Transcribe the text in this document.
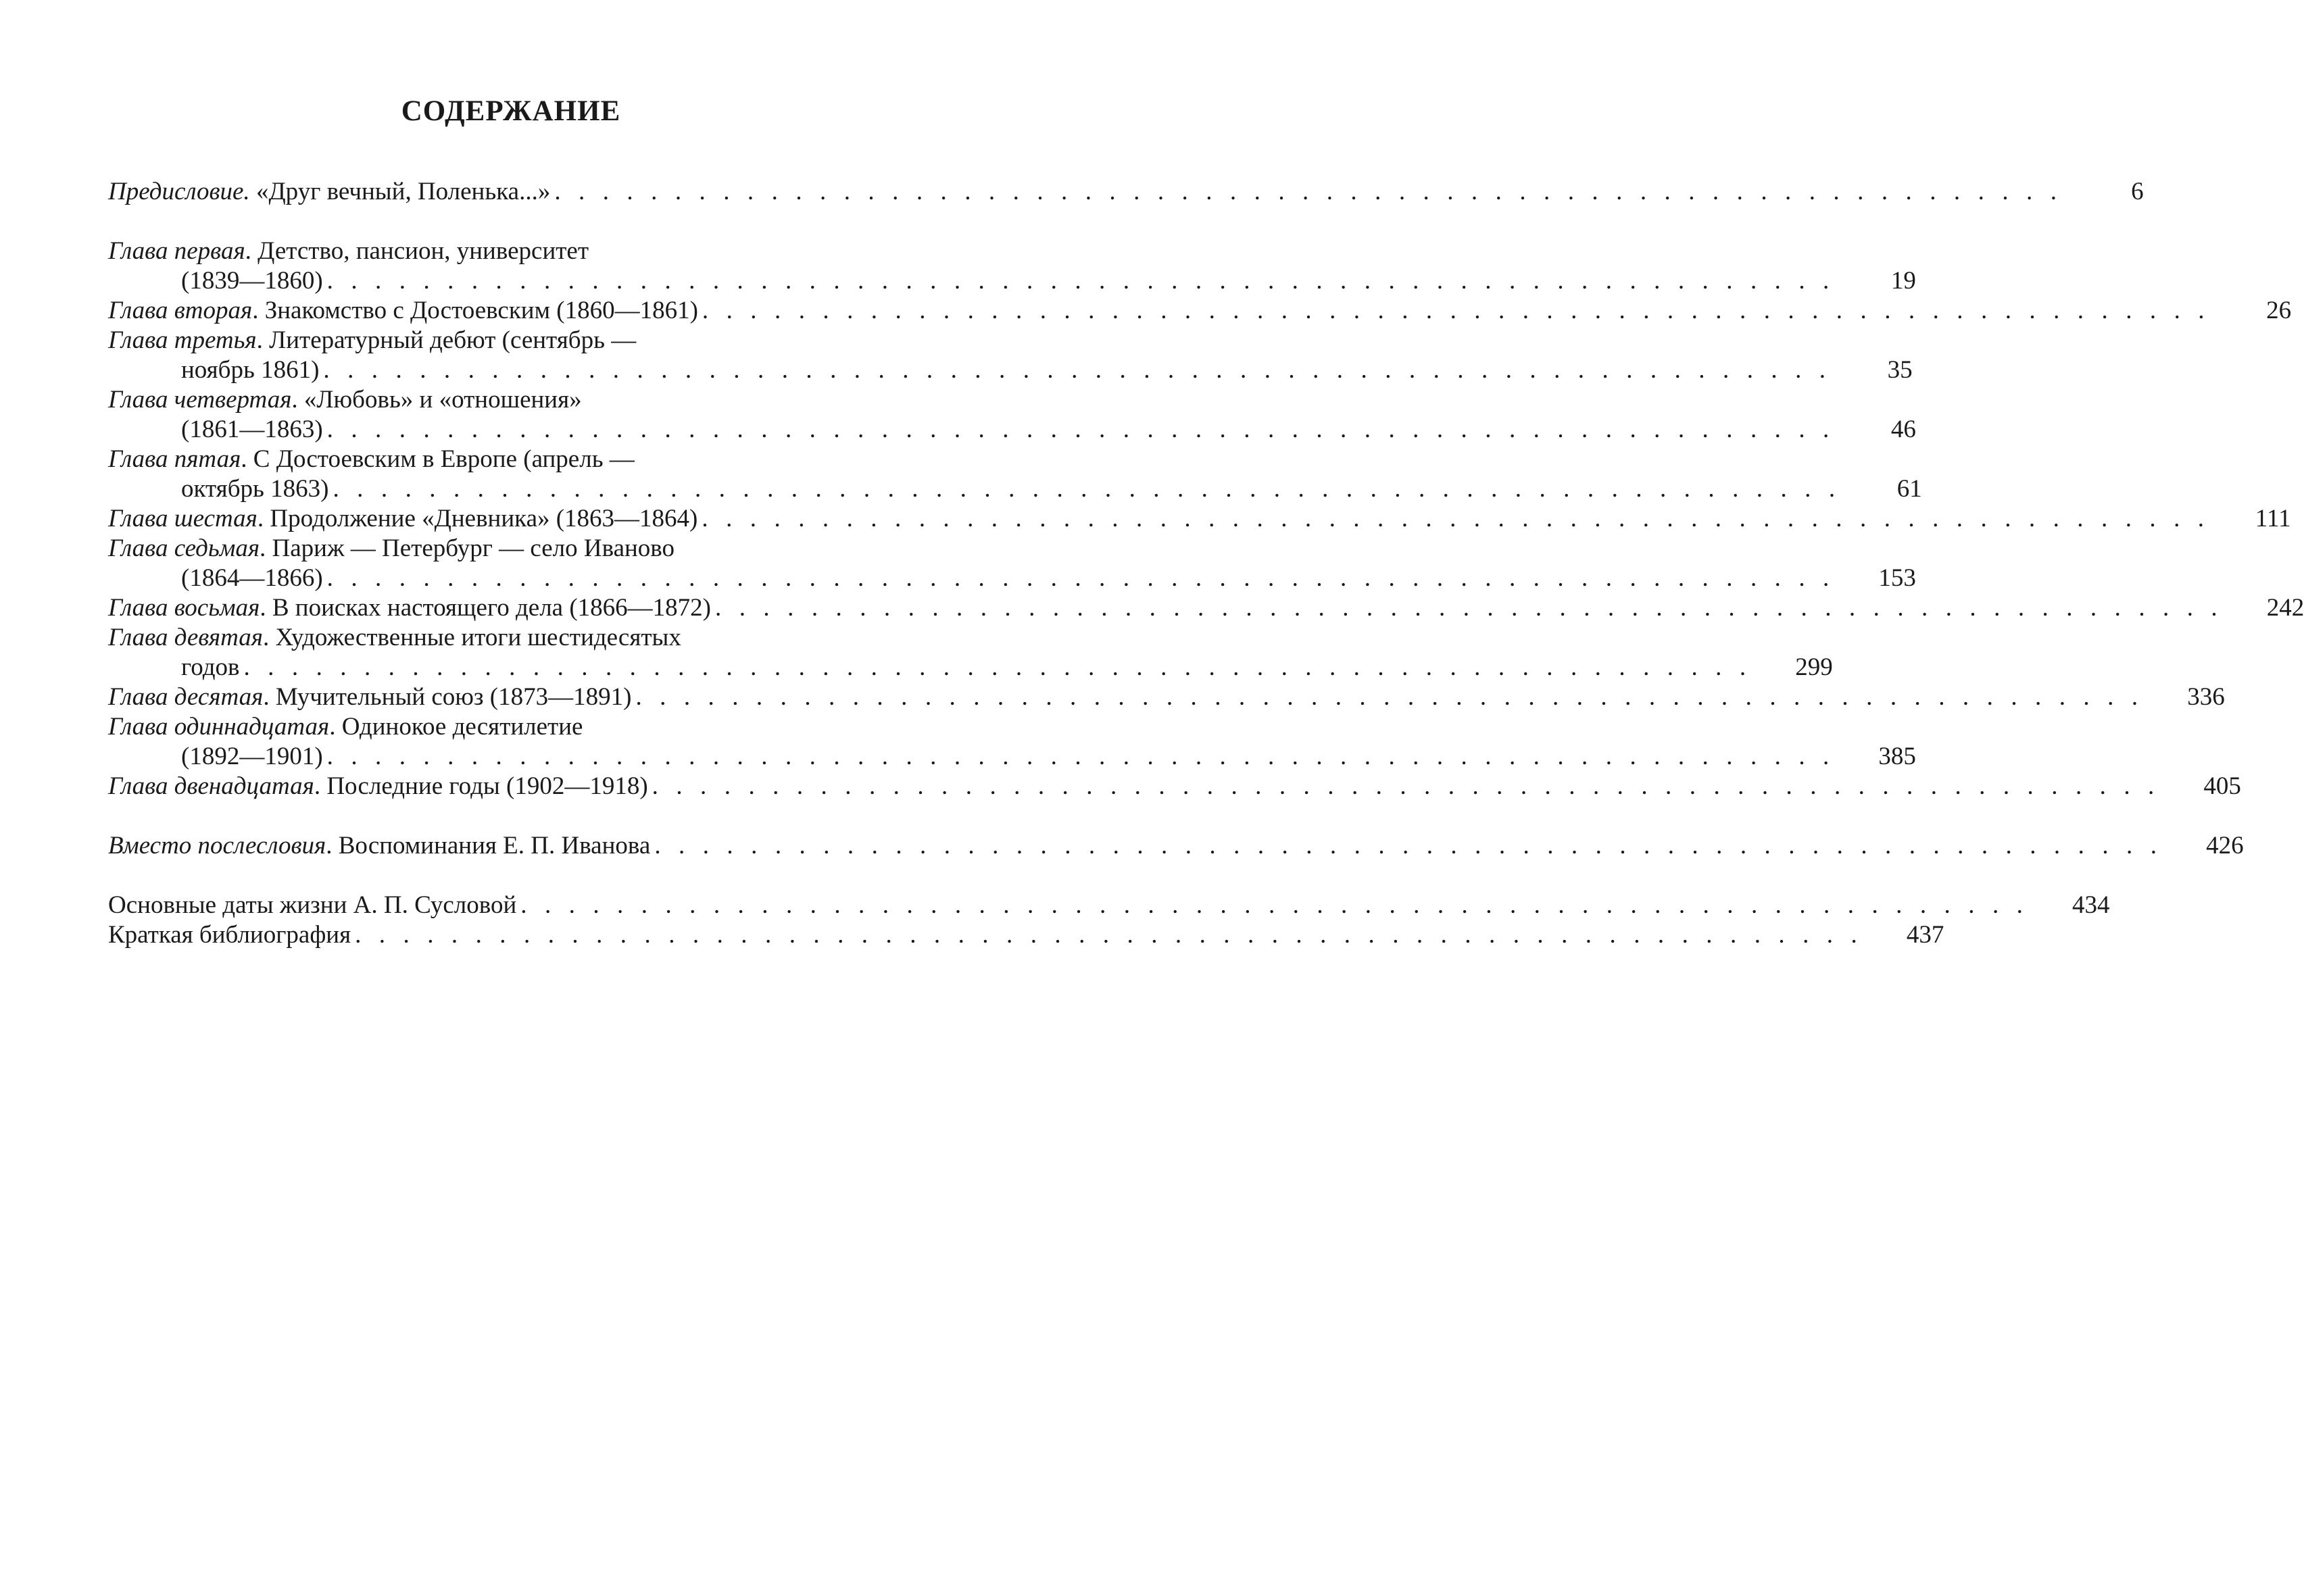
СОДЕРЖАНИЕ
Предисловие. «Друг вечный, Поленька...» . . . . . . . . . . . . . . . . . . . . . . . . . . . . . . . . . . . . . . . . . . . . . . . . . . . . . . . . . . . . . . .	6
Глава первая. Детство, пансион, университет
(1839—1860) . . . . . . . . . . . . . . . . . . . . . . . . . . . . . . . . . . . . . . . . . . . . . . . . . . . . . . . . . . . . . . .	19
Глава вторая. Знакомство с Достоевским (1860—1861) . . . . . . . . . . . . . . . . . . . . . . . . . . . . . . . . . . . . . . . . . . . . . . . . . . . . . . . . . . . . . . .	26
Глава третья. Литературный дебют (сентябрь —
ноябрь 1861) . . . . . . . . . . . . . . . . . . . . . . . . . . . . . . . . . . . . . . . . . . . . . . . . . . . . . . . . . . . . . . .	35
Глава четвертая. «Любовь» и «отношения»
(1861—1863) . . . . . . . . . . . . . . . . . . . . . . . . . . . . . . . . . . . . . . . . . . . . . . . . . . . . . . . . . . . . . . .	46
Глава пятая. С Достоевским в Европе (апрель —
октябрь 1863) . . . . . . . . . . . . . . . . . . . . . . . . . . . . . . . . . . . . . . . . . . . . . . . . . . . . . . . . . . . . . . .	61
Глава шестая. Продолжение «Дневника» (1863—1864) . . . . . . . . . . . . . . . . . . . . . . . . . . . . . . . . . . . . . . . . . . . . . . . . . . . . . . . . . . . . . . .	111
Глава седьмая. Париж — Петербург — село Иваново
(1864—1866) . . . . . . . . . . . . . . . . . . . . . . . . . . . . . . . . . . . . . . . . . . . . . . . . . . . . . . . . . . . . . . .	153
Глава восьмая. В поисках настоящего дела (1866—1872) . . . . . . . . . . . . . . . . . . . . . . . . . . . . . . . . . . . . . . . . . . . . . . . . . . . . . . . . . . . . . . .	242
Глава девятая. Художественные итоги шестидесятых
годов . . . . . . . . . . . . . . . . . . . . . . . . . . . . . . . . . . . . . . . . . . . . . . . . . . . . . . . . . . . . . . .	299
Глава десятая. Мучительный союз (1873—1891) . . . . . . . . . . . . . . . . . . . . . . . . . . . . . . . . . . . . . . . . . . . . . . . . . . . . . . . . . . . . . . .	336
Глава одиннадцатая. Одинокое десятилетие
(1892—1901) . . . . . . . . . . . . . . . . . . . . . . . . . . . . . . . . . . . . . . . . . . . . . . . . . . . . . . . . . . . . . . .	385
Глава двенадцатая. Последние годы (1902—1918) . . . . . . . . . . . . . . . . . . . . . . . . . . . . . . . . . . . . . . . . . . . . . . . . . . . . . . . . . . . . . . .	405
Вместо послесловия. Воспоминания Е. П. Иванова . . . . . . . . . . . . . . . . . . . . . . . . . . . . . . . . . . . . . . . . . . . . . . . . . . . . . . . . . . . . . . .	426
Основные даты жизни А. П. Сусловой . . . . . . . . . . . . . . . . . . . . . . . . . . . . . . . . . . . . . . . . . . . . . . . . . . . . . . . . . . . . . . .	434
Краткая библиография . . . . . . . . . . . . . . . . . . . . . . . . . . . . . . . . . . . . . . . . . . . . . . . . . . . . . . . . . . . . . . .	437
